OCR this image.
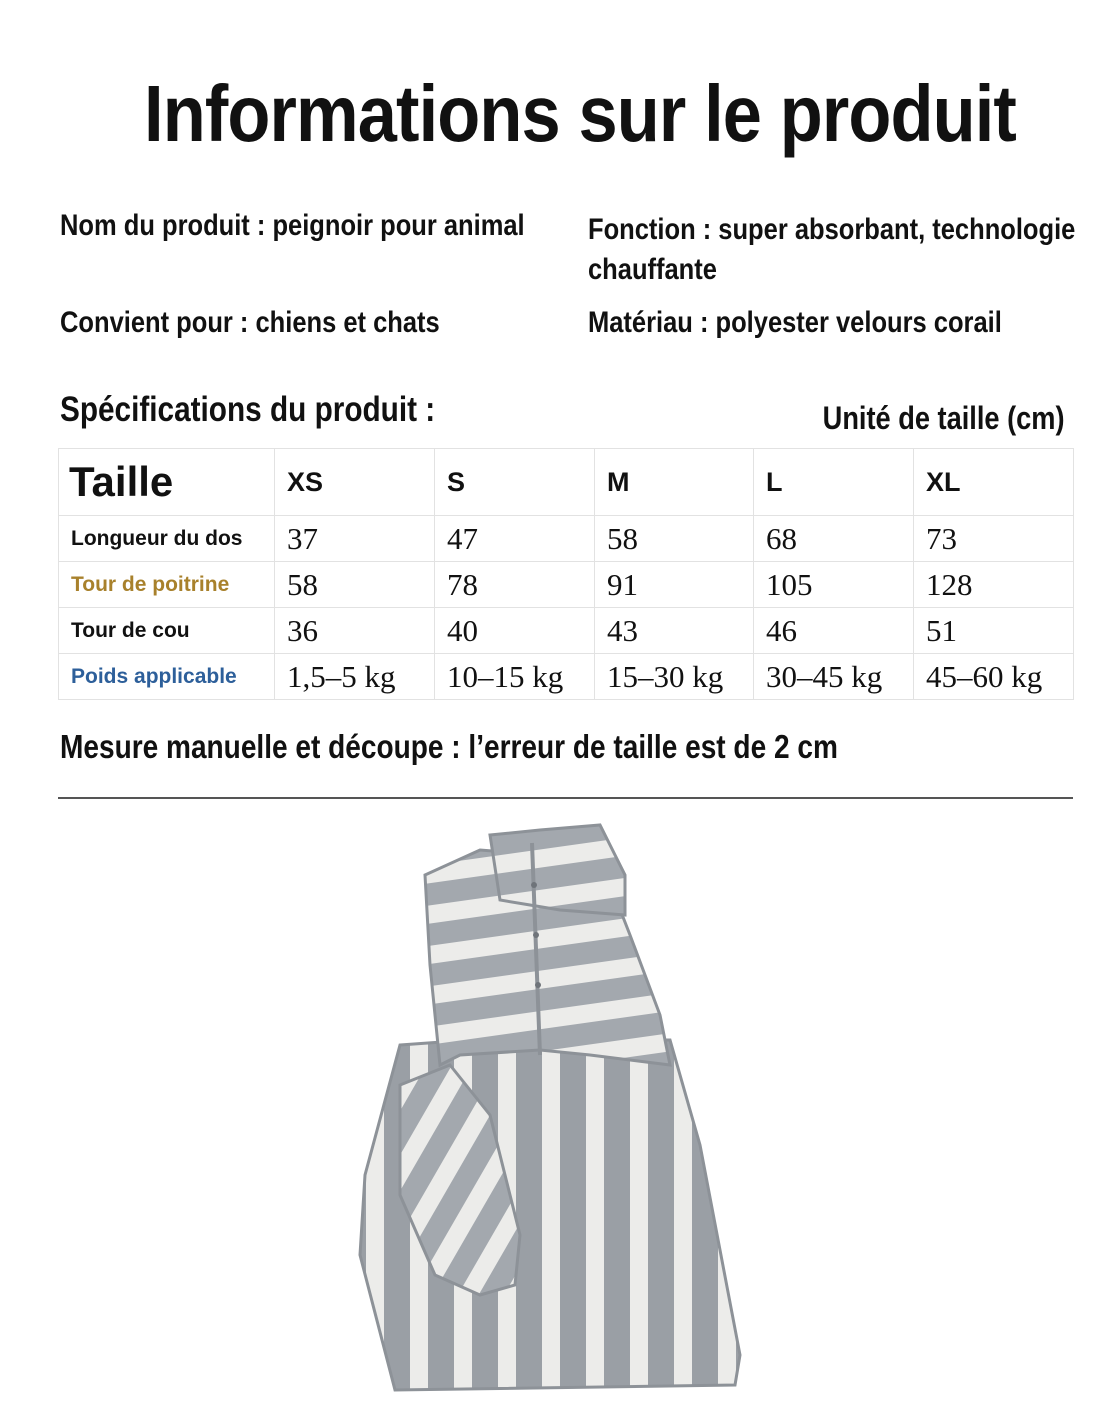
Informations sur le produit
Nom du produit : peignoir pour animal
Convient pour : chiens et chats
Fonction : super absorbant, technologie
chauffante
Matériau : polyester velours corail
Spécifications du produit :	Unité de taille (cm)
Taille	XS	S	M	L	XL
Longueur du dos	37	47	58	68	73
Tour de poitrine	58	78	91	105	128
Tour de cou	36	40	43	46	51
Poids applicable	1,5–5 kg	10–15 kg	15–30 kg	30–45 kg	45–60 kg
Mesure manuelle et découpe : l’erreur de taille est de 2 cm
